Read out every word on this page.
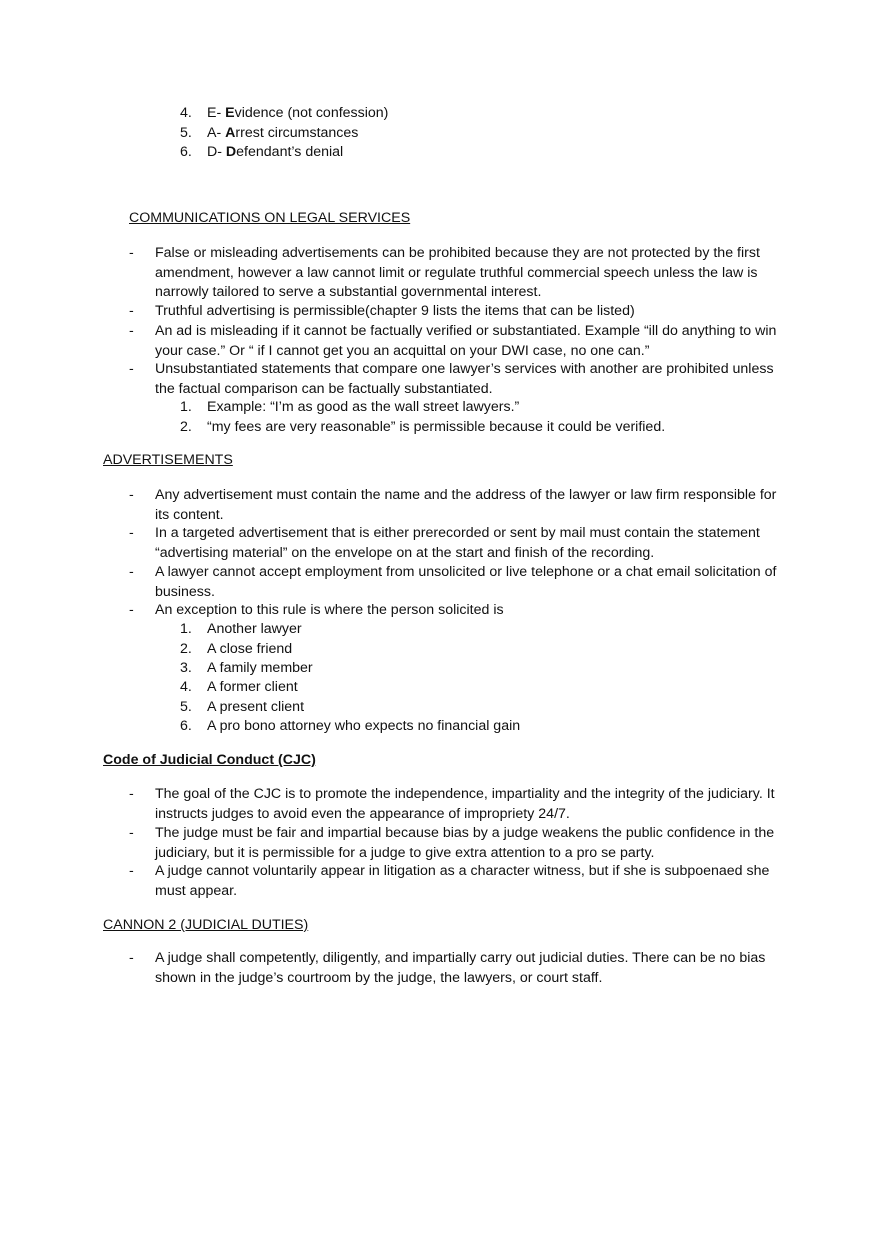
4. E- Evidence (not confession)
5. A- Arrest circumstances
6. D- Defendant’s denial
COMMUNICATIONS ON LEGAL SERVICES
- False or misleading advertisements can be prohibited because they are not protected by the first amendment, however a law cannot limit or regulate truthful commercial speech unless the law is narrowly tailored to serve a substantial governmental interest.
- Truthful advertising is permissible(chapter 9 lists the items that can be listed)
- An ad is misleading if it cannot be factually verified or substantiated. Example “ill do anything to win your case.” Or “ if I cannot get you an acquittal on your DWI case, no one can.”
- Unsubstantiated statements that compare one lawyer’s services with another are prohibited unless the factual comparison can be factually substantiated.
1. Example: “I’m as good as the wall street lawyers.”
2. “my fees are very reasonable” is permissible because it could be verified.
ADVERTISEMENTS
- Any advertisement must contain the name and the address of the lawyer or law firm responsible for its content.
- In a targeted advertisement that is either prerecorded or sent by mail must contain the statement “advertising material” on the envelope on at the start and finish of the recording.
- A lawyer cannot accept employment from unsolicited or live telephone or a chat email solicitation of business.
- An exception to this rule is where the person solicited is
1. Another lawyer
2. A close friend
3. A family member
4. A former client
5. A present client
6. A pro bono attorney who expects no financial gain
Code of Judicial Conduct (CJC)
- The goal of the CJC is to promote the independence, impartiality and the integrity of the judiciary. It instructs judges to avoid even the appearance of impropriety 24/7.
- The judge must be fair and impartial because bias by a judge weakens the public confidence in the judiciary, but it is permissible for a judge to give extra attention to a pro se party.
- A judge cannot voluntarily appear in litigation as a character witness, but if she is subpoenaed she must appear.
CANNON 2 (JUDICIAL DUTIES)
- A judge shall competently, diligently, and impartially carry out judicial duties. There can be no bias shown in the judge’s courtroom by the judge, the lawyers, or court staff.
